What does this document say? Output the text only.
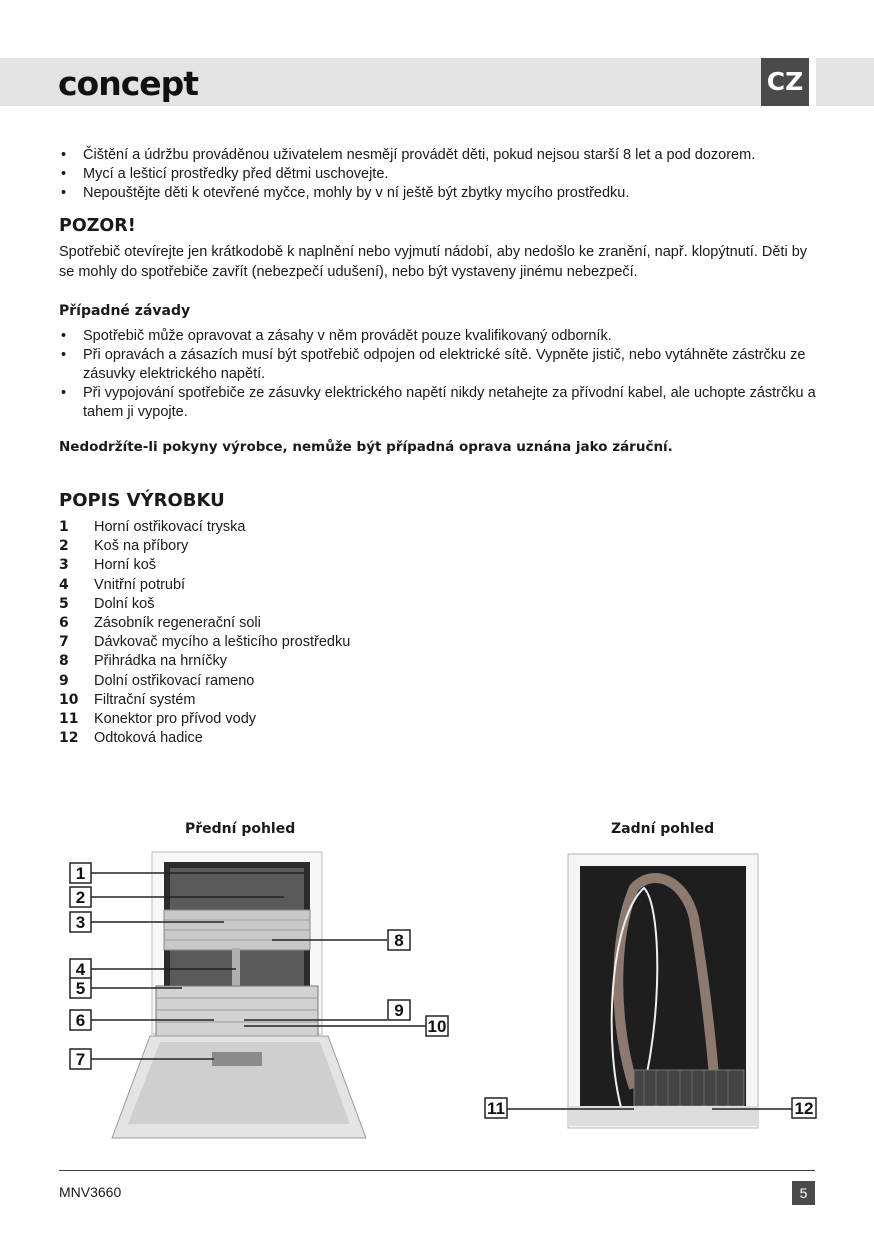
concept	CZ
• Čištění a údržbu prováděnou uživatelem nesmějí provádět děti, pokud nejsou starší 8 let a pod dozorem.
• Mycí a lešticí prostředky před dětmi uschovejte.
• Nepouštějte děti k otevřené myčce, mohly by v ní ještě být zbytky mycího prostředku.
POZOR!

Spotřebič otevírejte jen krátkodobě k naplnění nebo vyjmutí nádobí, aby nedošlo ke zranění, např. klopýtnutí. Děti by se mohly do spotřebiče zavřít (nebezpečí udušení), nebo být vystaveny jinému nebezpečí.

Případné závady
• Spotřebič může opravovat a zásahy v něm provádět pouze kvalifikovaný odborník.
• Při opravách a zásazích musí být spotřebič odpojen od elektrické sítě. Vypněte jistič, nebo vytáhněte zástrčku ze zásuvky elektrického napětí.
• Při vypojování spotřebiče ze zásuvky elektrického napětí nikdy netahejte za přívodní kabel, ale uchopte zástrčku a tahem ji vypojte.
Nedodržíte-li pokyny výrobce, nemůže být případná oprava uznána jako záruční.
POPIS VÝROBKU
1 Horní ostřikovací tryska
2 Koš na příbory
3 Horní koš
4 Vnitřní potrubí
5 Dolní koš
6 Zásobník regenerační soli
7 Dávkovač mycího a lešticího prostředku
8 Přihrádka na hrníčky
9 Dolní ostřikovací rameno
10 Filtrační systém
11 Konektor pro přívod vody
12 Odtoková hadice
Přední pohled	Zadní pohled
1
2
3
4
5
6
7
8
9
10
11	12
MNV3660	5
